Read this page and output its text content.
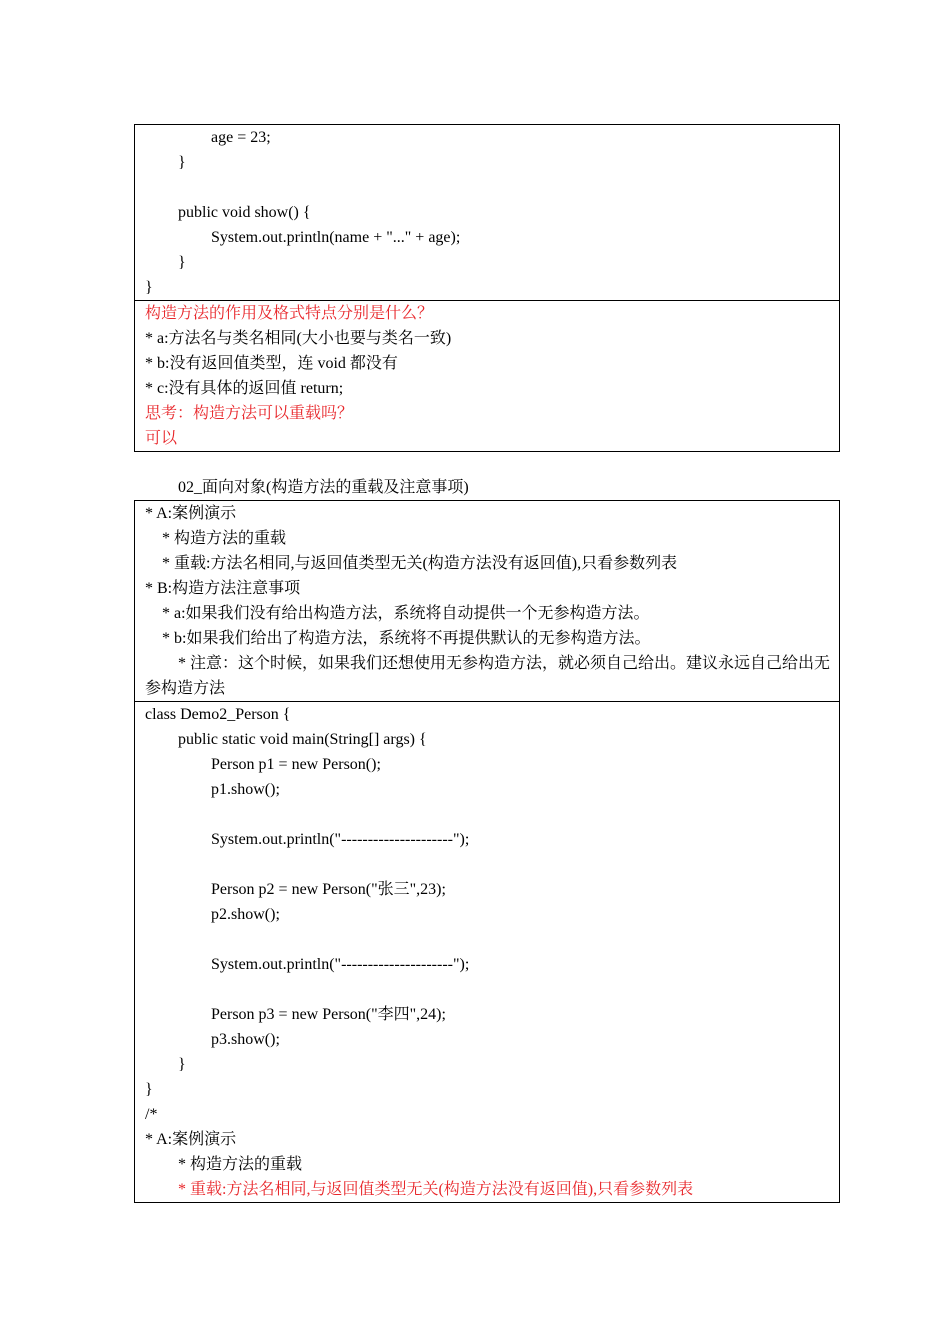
age = 23;
}
public void show() {
System.out.println(name + "..." + age);
}
}
构造方法的作用及格式特点分别是什么？
* a:方法名与类名相同(大小也要与类名一致)
* b:没有返回值类型，连 void 都没有
* c:没有具体的返回值 return;
思考：构造方法可以重载吗？
可以
02_面向对象(构造方法的重载及注意事项)
* A:案例演示
* 构造方法的重载
* 重载:方法名相同,与返回值类型无关(构造方法没有返回值),只看参数列表
* B:构造方法注意事项
* a:如果我们没有给出构造方法，系统将自动提供一个无参构造方法。
* b:如果我们给出了构造方法，系统将不再提供默认的无参构造方法。
* 注意：这个时候，如果我们还想使用无参构造方法，就必须自己给出。建议永远自己给出无
参构造方法
class Demo2_Person {
public static void main(String[] args) {
Person p1 = new Person();
p1.show();
System.out.println("---------------------");
Person p2 = new Person("张三",23);
p2.show();
System.out.println("---------------------");
Person p3 = new Person("李四",24);
p3.show();
}
}
/*
* A:案例演示
* 构造方法的重载
* 重载:方法名相同,与返回值类型无关(构造方法没有返回值),只看参数列表
